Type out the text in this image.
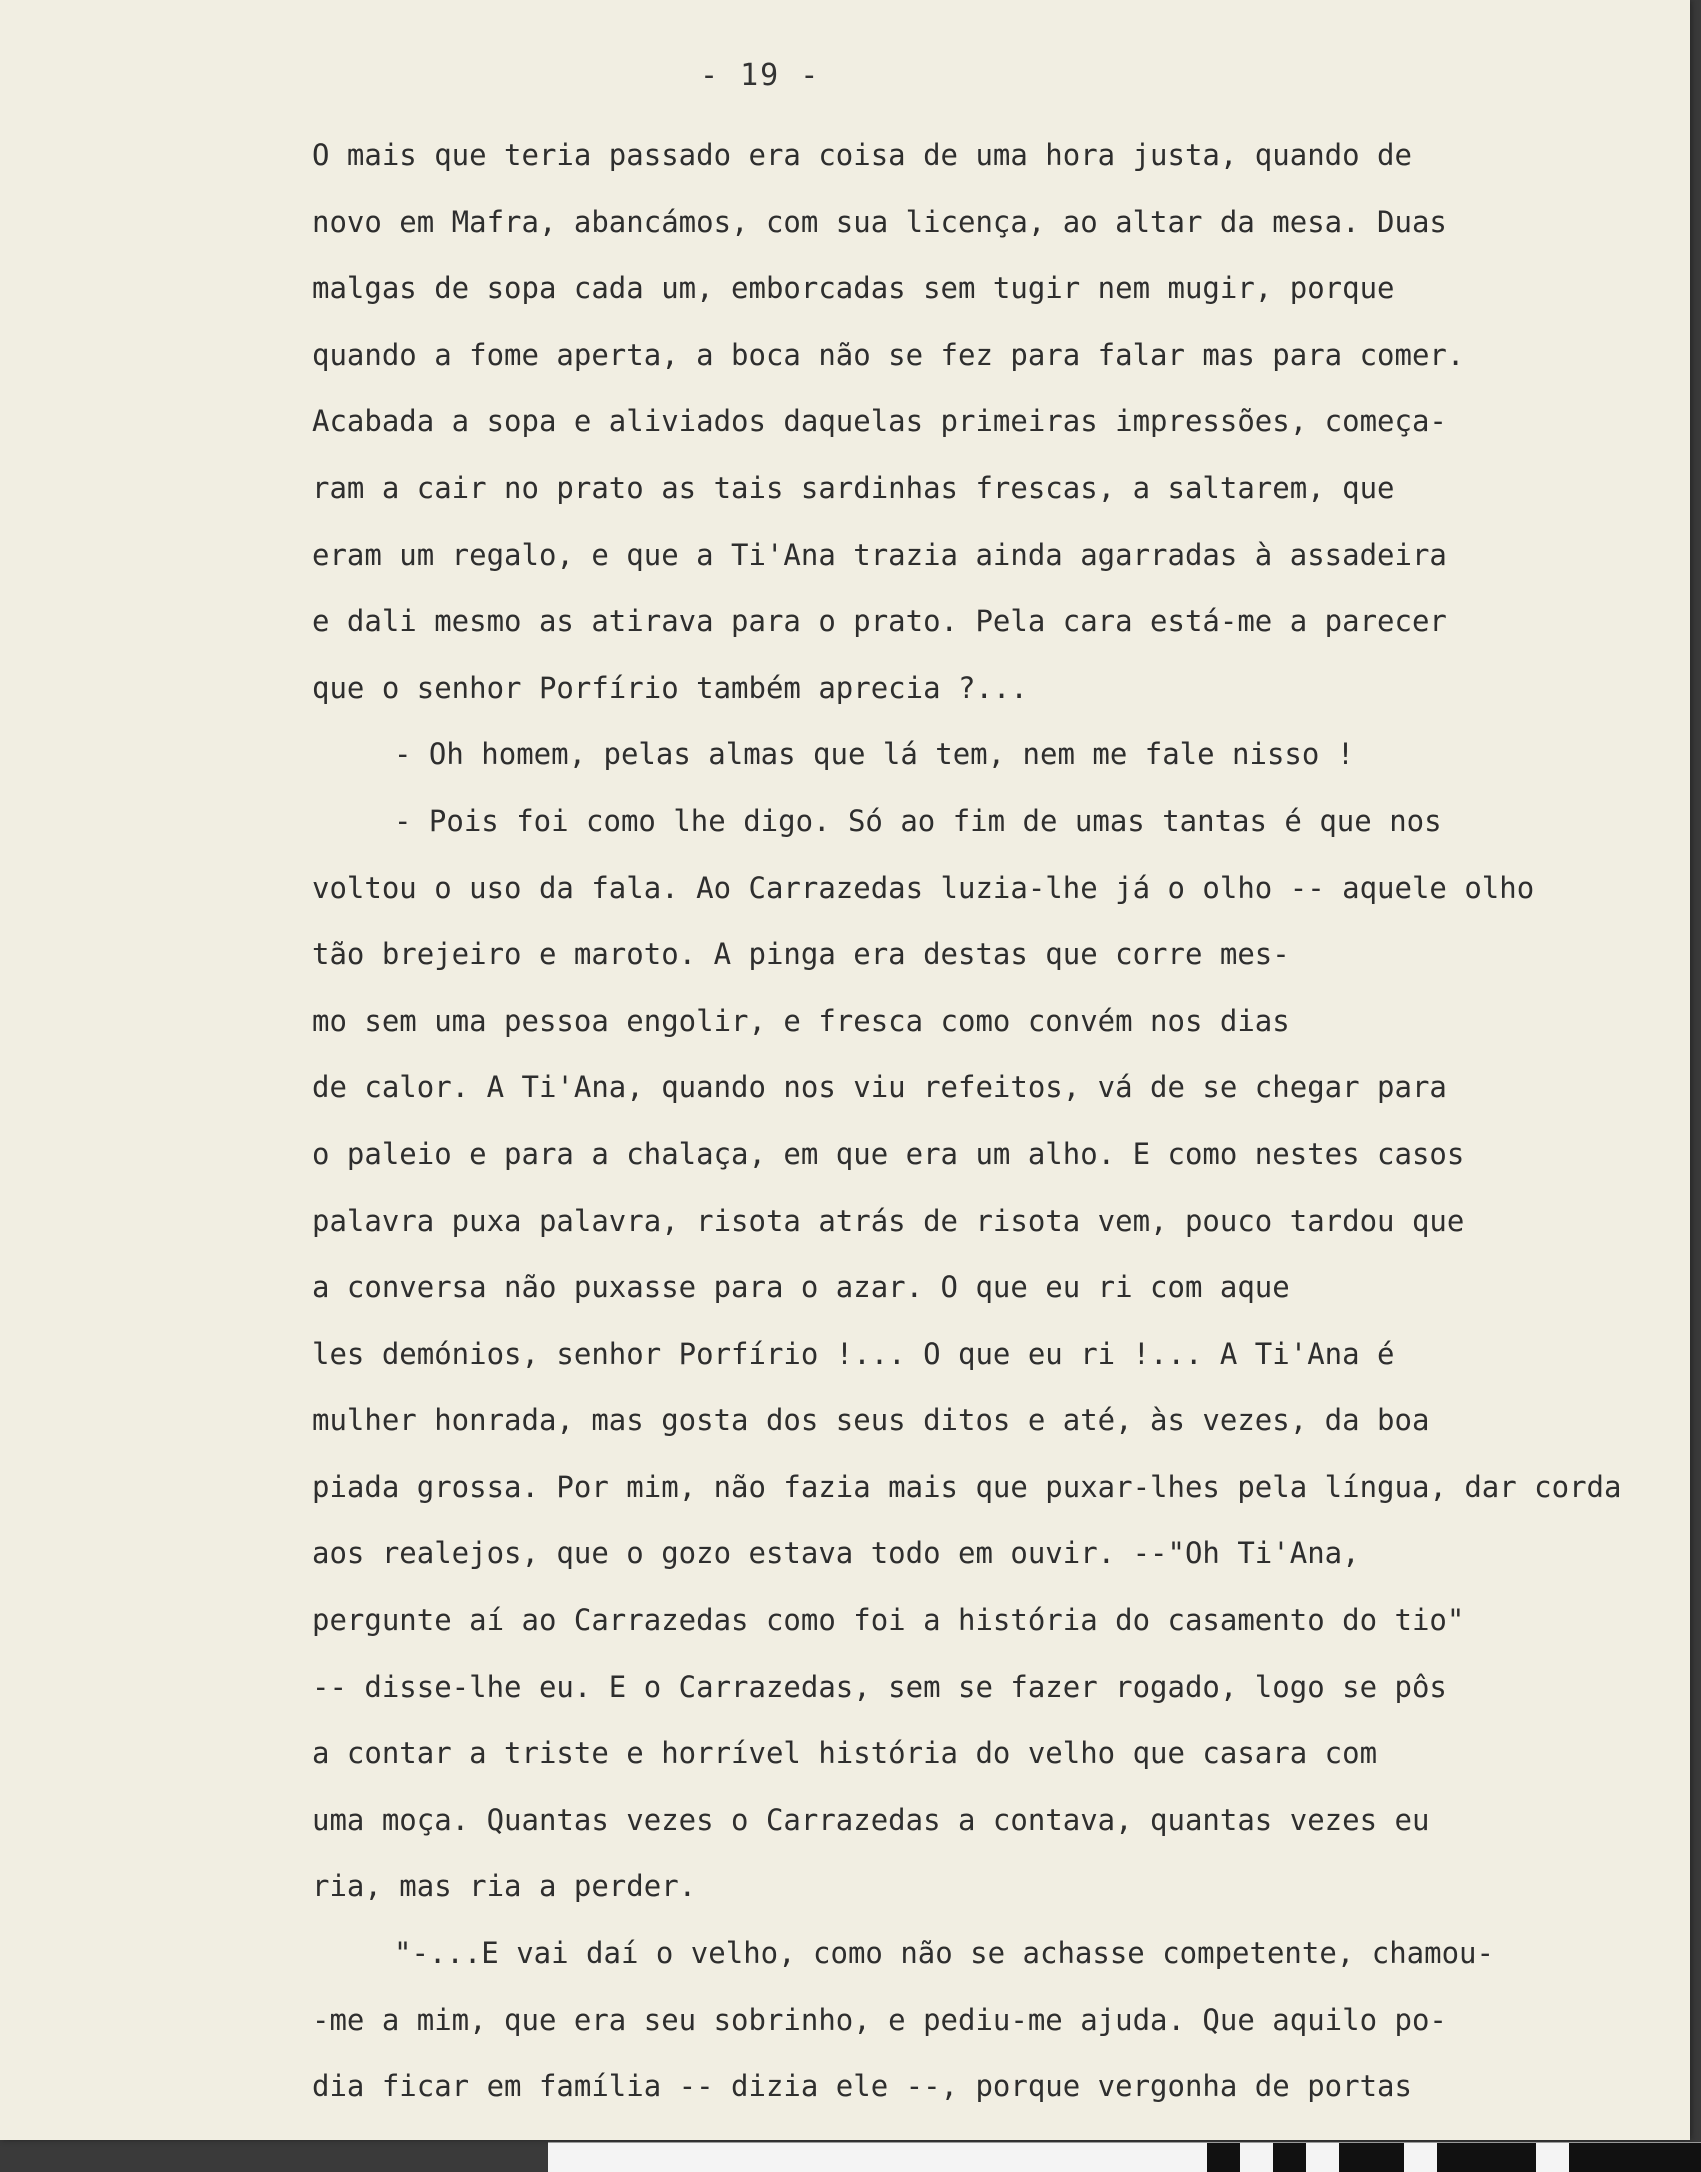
- 19 -
O mais que teria passado era coisa de uma hora justa, quando de
novo em Mafra, abancámos, com sua licença, ao altar da mesa. Duas
malgas de sopa cada um, emborcadas sem tugir nem mugir, porque
quando a fome aperta, a boca não se fez para falar mas para comer.
Acabada a sopa e aliviados daquelas primeiras impressões, começa-
ram a cair no prato as tais sardinhas frescas, a saltarem, que
eram um regalo, e que a Ti'Ana trazia ainda agarradas à assadeira
e dali mesmo as atirava para o prato. Pela cara está-me a parecer
que o senhor Porfírio também aprecia ?...
- Oh homem, pelas almas que lá tem, nem me fale nisso !
- Pois foi como lhe digo. Só ao fim de umas tantas é que nos
voltou o uso da fala. Ao Carrazedas luzia-lhe já o olho -- aquele olho
tão brejeiro e maroto. A pinga era destas que corre mes-
mo sem uma pessoa engolir, e fresca como convém nos dias
de calor. A Ti'Ana, quando nos viu refeitos, vá de se chegar para
o paleio e para a chalaça, em que era um alho. E como nestes casos
palavra puxa palavra, risota atrás de risota vem, pouco tardou que
a conversa não puxasse para o azar. O que eu ri com aque
les demónios, senhor Porfírio !... O que eu ri !... A Ti'Ana é
mulher honrada, mas gosta dos seus ditos e até, às vezes, da boa
piada grossa. Por mim, não fazia mais que puxar-lhes pela língua, dar corda
aos realejos, que o gozo estava todo em ouvir. --"Oh Ti'Ana,
pergunte aí ao Carrazedas como foi a história do casamento do tio"
-- disse-lhe eu. E o Carrazedas, sem se fazer rogado, logo se pôs
a contar a triste e horrível história do velho que casara com
uma moça. Quantas vezes o Carrazedas a contava, quantas vezes eu
ria, mas ria a perder.
"-...E vai daí o velho, como não se achasse competente, chamou-
-me a mim, que era seu sobrinho, e pediu-me ajuda. Que aquilo po-
dia ficar em família -- dizia ele --, porque vergonha de portas
